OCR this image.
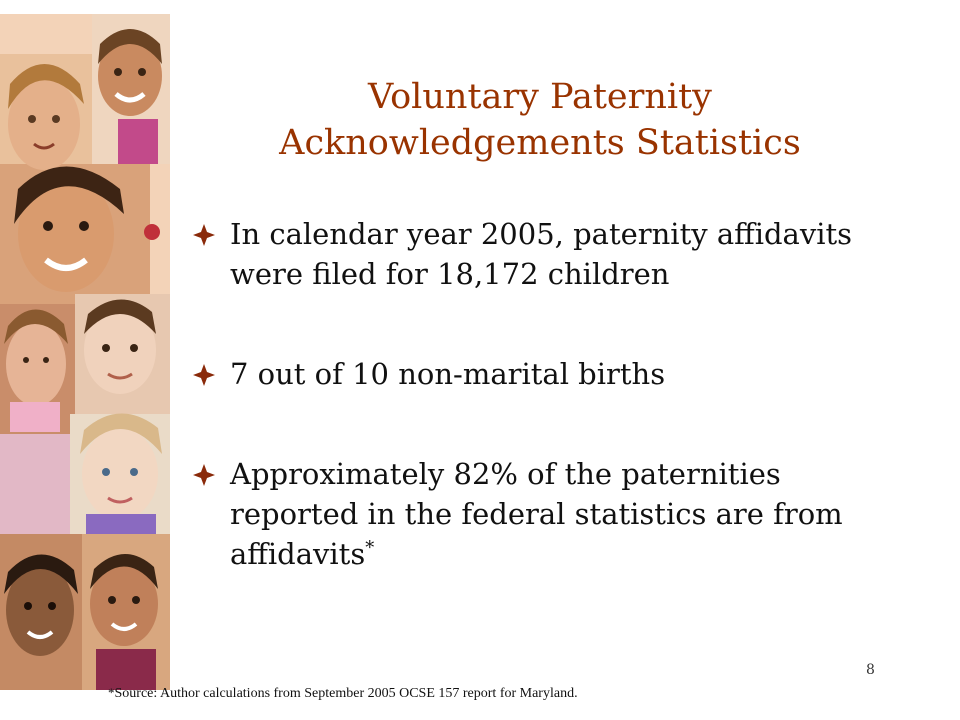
Voluntary Paternity
Acknowledgements Statistics
In calendar year 2005, paternity affidavits were filed for 18,172 children
7 out of 10 non-marital births
Approximately 82% of the paternities reported in the federal statistics are from affidavits*
8
*Source: Author calculations from September 2005 OCSE 157 report for Maryland.
